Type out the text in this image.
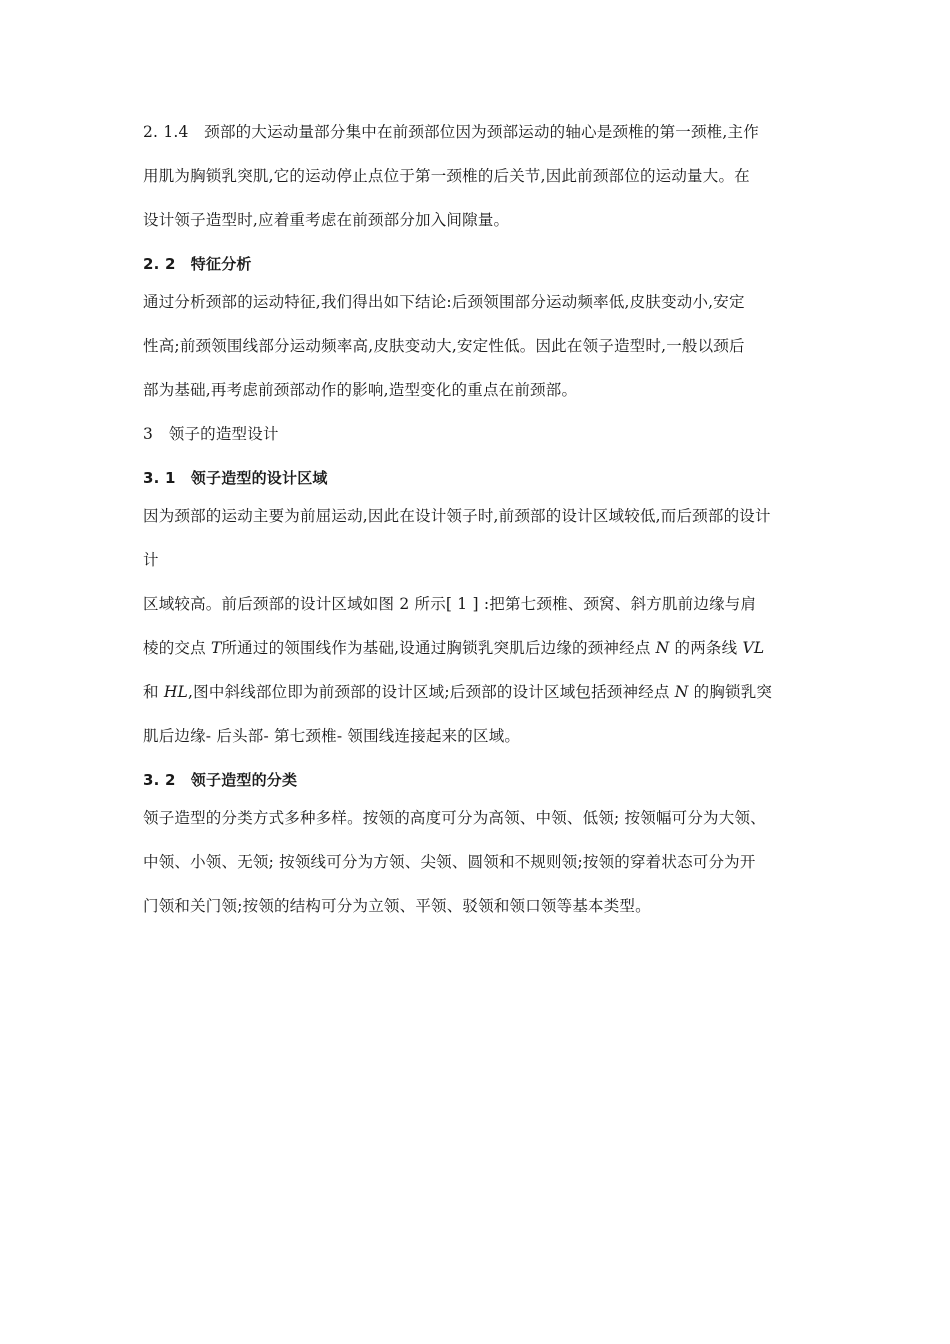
2. 1.4　颈部的大运动量部分集中在前颈部位因为颈部运动的轴心是颈椎的第一颈椎,主作

用肌为胸锁乳突肌,它的运动停止点位于第一颈椎的后关节,因此前颈部位的运动量大。在

设计领子造型时,应着重考虑在前颈部分加入间隙量。

2. 2　特征分析

通过分析颈部的运动特征,我们得出如下结论:后颈领围部分运动频率低,皮肤变动小,安定

性高;前颈领围线部分运动频率高,皮肤变动大,安定性低。因此在领子造型时,一般以颈后

部为基础,再考虑前颈部动作的影响,造型变化的重点在前颈部。

3　领子的造型设计

3. 1　领子造型的设计区域

因为颈部的运动主要为前屈运动,因此在设计领子时,前颈部的设计区域较低,而后颈部的设计

计

区域较高。前后颈部的设计区域如图 2 所示[ 1 ] :把第七颈椎、颈窝、斜方肌前边缘与肩

棱的交点 T所通过的领围线作为基础,设通过胸锁乳突肌后边缘的颈神经点 N 的两条线 VL

和 HL,图中斜线部位即为前颈部的设计区域;后颈部的设计区域包括颈神经点 N 的胸锁乳突

肌后边缘- 后头部- 第七颈椎- 领围线连接起来的区域。

3. 2　领子造型的分类

领子造型的分类方式多种多样。按领的高度可分为高领、中领、低领; 按领幅可分为大领、

中领、小领、无领; 按领线可分为方领、尖领、圆领和不规则领;按领的穿着状态可分为开

门领和关门领;按领的结构可分为立领、平领、驳领和领口领等基本类型。
